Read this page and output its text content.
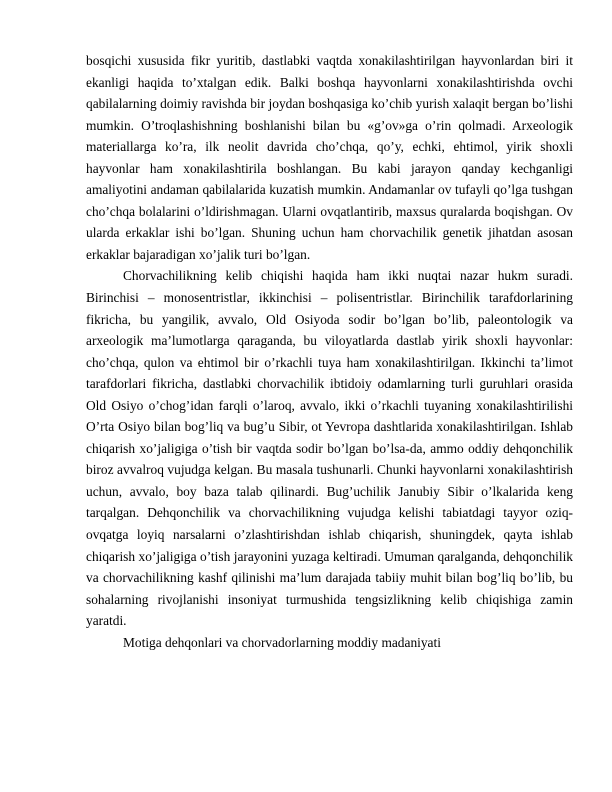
bosqichi xususida fikr yuritib, dastlabki vaqtda xonakilashtirilgan hayvonlardan biri it ekanligi haqida to’xtalgan edik. Balki boshqa hayvonlarni xonakilashtirishda ovchi qabilalarning doimiy ravishda bir joydan boshqasiga ko’chib yurish xalaqit bergan bo’lishi mumkin. O’troqlashishning boshlanishi bilan bu «g’ov»ga o’rin qolmadi. Arxeologik materiallarga ko’ra, ilk neolit davrida cho’chqa, qo’y, echki, ehtimol, yirik shoxli hayvonlar ham xonakilashtirila boshlangan. Bu kabi jarayon qanday kechganligi amaliyotini andaman qabilalarida kuzatish mumkin. Andamanlar ov tufayli qo’lga tushgan cho’chqa bolalarini o’ldirishmagan. Ularni ovqatlantirib, maxsus quralarda boqishgan. Ov ularda erkaklar ishi bo’lgan. Shuning uchun ham chorvachilik genetik jihatdan asosan erkaklar bajaradigan xo’jalik turi bo’lgan.

Chorvachilikning kelib chiqishi haqida ham ikki nuqtai nazar hukm suradi. Birinchisi – monosentristlar, ikkinchisi – polisentristlar. Birinchilik tarafdorlarining fikricha, bu yangilik, avvalo, Old Osiyoda sodir bo’lgan bo’lib, paleontologik va arxeologik ma’lumotlarga qaraganda, bu viloyatlarda dastlab yirik shoxli hayvonlar: cho’chqa, qulon va ehtimol bir o’rkachli tuya ham xonakilashtirilgan. Ikkinchi ta’limot tarafdorlari fikricha, dastlabki chorvachilik ibtidoiy odamlarning turli guruhlari orasida Old Osiyo o’chog’idan farqli o’laroq, avvalo, ikki o’rkachli tuyaning xonakilashtirilishi O’rta Osiyo bilan bog’liq va bug’u Sibir, ot Yevropa dashtlarida xonakilashtirilgan. Ishlab chiqarish xo’jaligiga o’tish bir vaqtda sodir bo’lgan bo’lsa-da, ammo oddiy dehqonchilik biroz avvalroq vujudga kelgan. Bu masala tushunarli. Chunki hayvonlarni xonakilashtirish uchun, avvalo, boy baza talab qilinardi. Bug’uchilik Janubiy Sibir o’lkalarida keng tarqalgan. Dehqonchilik va chorvachilikning vujudga kelishi tabiatdagi tayyor oziq-ovqatga loyiq narsalarni o’zlashtirishdan ishlab chiqarish, shuningdek, qayta ishlab chiqarish xo’jaligiga o’tish jarayonini yuzaga keltiradi. Umuman qaralganda, dehqonchilik va chorvachilikning kashf qilinishi ma’lum darajada tabiiy muhit bilan bog’liq bo’lib, bu sohalarning rivojlanishi insoniyat turmushida tengsizlikning kelib chiqishiga zamin yaratdi.

Motiga dehqonlari va chorvadorlarning moddiy madaniyati
